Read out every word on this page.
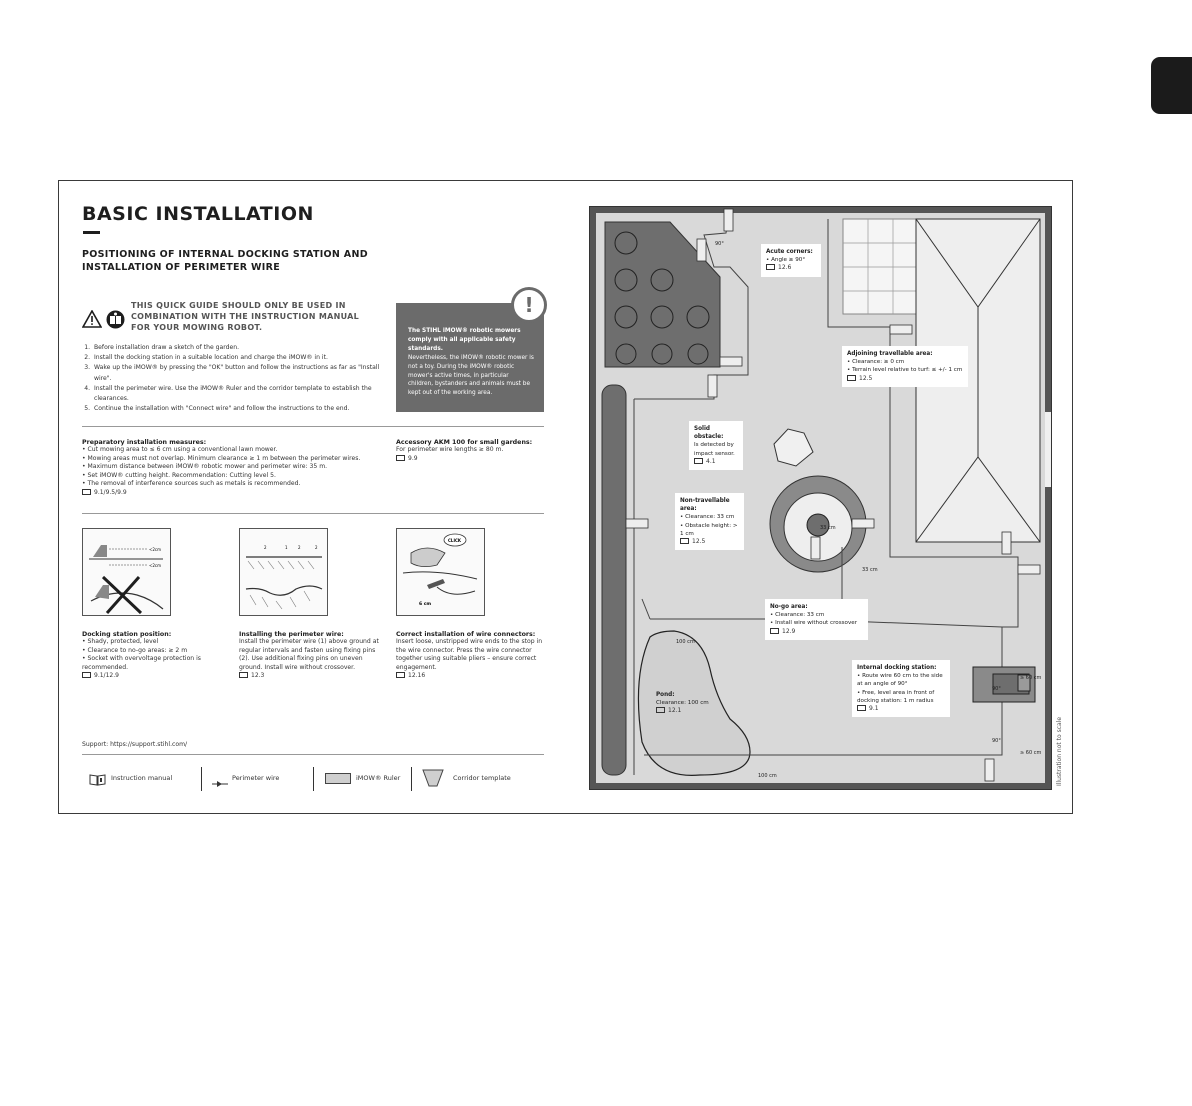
BASIC INSTALLATION
POSITIONING OF INTERNAL DOCKING STATION AND INSTALLATION OF PERIMETER WIRE
THIS QUICK GUIDE SHOULD ONLY BE USED IN COMBINATION WITH THE INSTRUCTION MANUAL FOR YOUR MOWING ROBOT.
1. Before installation draw a sketch of the garden.
2. Install the docking station in a suitable location and charge the iMOW® in it.
3. Wake up the iMOW® by pressing the "OK" button and follow the instructions as far as "Install wire".
4. Install the perimeter wire. Use the iMOW® Ruler and the corridor template to establish the clearances.
5. Continue the installation with "Connect wire" and follow the instructions to the end.
!
The STIHL iMOW® robotic mowers comply with all applicable safety standards.
Nevertheless, the iMOW® robotic mower is not a toy. During the iMOW® robotic mower's active times, in particular children, bystanders and animals must be kept out of the working area.
Preparatory installation measures:
• Cut mowing area to ≤ 6 cm using a conventional lawn mower.
• Mowing areas must not overlap. Minimum clearance ≥ 1 m between the perimeter wires.
• Maximum distance between iMOW® robotic mower and perimeter wire: 35 m.
• Set iMOW® cutting height. Recommendation: Cutting level 5.
• The removal of interference sources such as metals is recommended.
9.1/9.5/9.9
Accessory AKM 100 for small gardens:
For perimeter wire lengths ≥ 80 m.
9.9
<2cm
<2cm
2	1	2	2
CLICK
6 cm
Docking station position:
• Shady, protected, level
• Clearance to no-go areas: ≥ 2 m
• Socket with overvoltage protection is recommended.
9.1/12.9
Installing the perimeter wire:
Install the perimeter wire (1) above ground at regular intervals and fasten using fixing pins (2). Use additional fixing pins on uneven ground. Install wire without crossover.
12.3
Correct installation of wire connectors:
Insert loose, unstripped wire ends to the stop in the wire connector. Press the wire connector together using suitable pliers – ensure correct engagement.
12.16
Support: https://support.stihl.com/
Instruction manual	Perimeter wire	iMOW® Ruler	Corridor template
90°
33 cm
33 cm
100 cm
100 cm
≥ 60 cm
≥ 60 cm
90°
90°
Acute corners:
• Angle ≥ 90°
12.6
Adjoining travellable area:
• Clearance: ≥ 0 cm
• Terrain level relative to turf: ≤ +/- 1 cm
12.5
Solid obstacle:
Is detected by impact sensor.
4.1
Non-travellable area:
• Clearance: 33 cm
• Obstacle height: > 1 cm
12.5
No-go area:
• Clearance: 33 cm
• Install wire without crossover
12.9
Internal docking station:
• Route wire 60 cm to the side at an angle of 90°
• Free, level area in front of docking station: 1 m radius
9.1
Pond:
Clearance: 100 cm
12.1
Illustration not to scale
